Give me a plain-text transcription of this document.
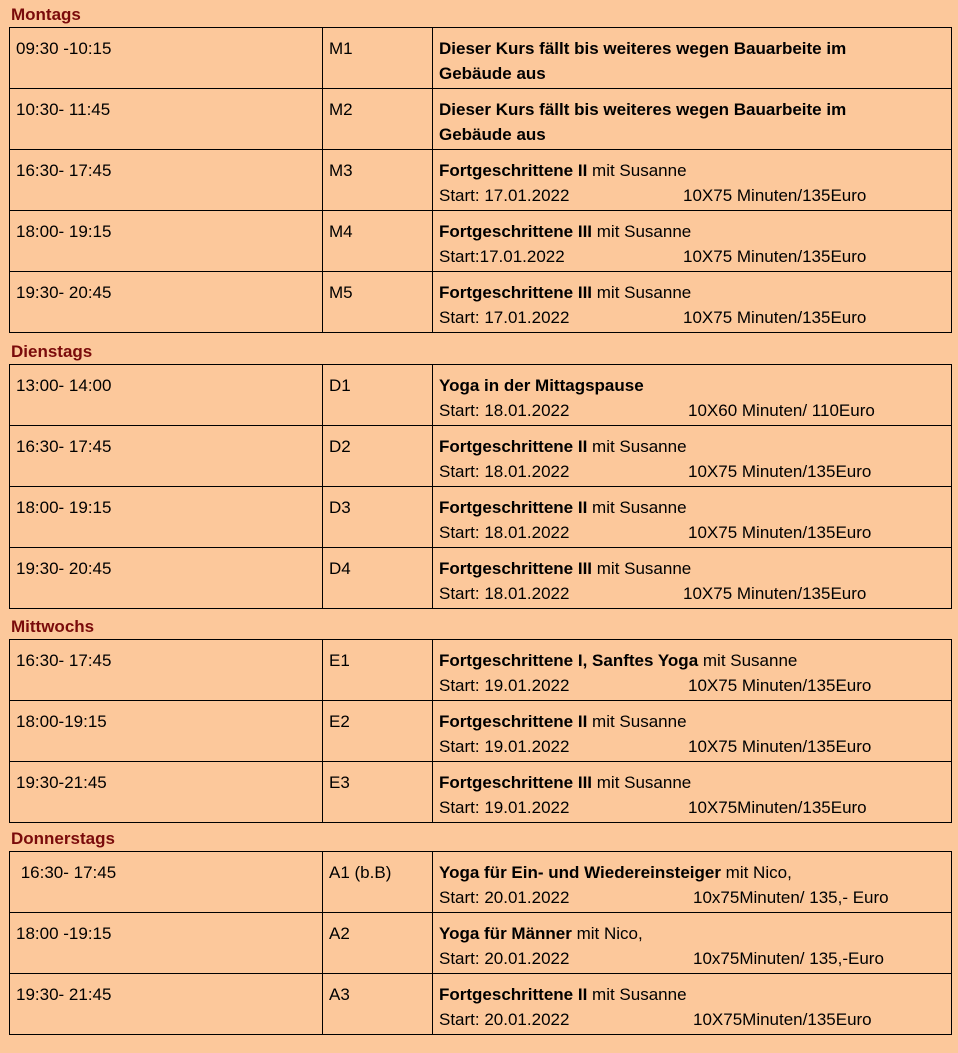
Montags
09:30 -10:15	M1	Dieser Kurs fällt bis weiteres wegen Bauarbeite im
Gebäude aus

10:30- 11:45	M2	Dieser Kurs fällt bis weiteres wegen Bauarbeite im
Gebäude aus

16:30- 17:45	M3	Fortgeschrittene II mit Susanne
Start: 17.01.2022 10X75 Minuten/135Euro

18:00- 19:15	M4	Fortgeschrittene III mit Susanne
Start:17.01.2022 10X75 Minuten/135Euro

19:30- 20:45	M5	Fortgeschrittene III mit Susanne
Start: 17.01.2022 10X75 Minuten/135Euro
Dienstags
13:00- 14:00	D1	Yoga in der Mittagspause
Start: 18.01.2022 10X60 Minuten/ 110Euro

16:30- 17:45	D2	Fortgeschrittene II mit Susanne
Start: 18.01.2022 10X75 Minuten/135Euro

18:00- 19:15	D3	Fortgeschrittene II mit Susanne
Start: 18.01.2022 10X75 Minuten/135Euro

19:30- 20:45	D4	Fortgeschrittene III mit Susanne
Start: 18.01.2022 10X75 Minuten/135Euro
Mittwochs
16:30- 17:45	E1	Fortgeschrittene I, Sanftes Yoga mit Susanne
Start: 19.01.2022 10X75 Minuten/135Euro

18:00-19:15	E2	Fortgeschrittene II mit Susanne
Start: 19.01.2022 10X75 Minuten/135Euro

19:30-21:45	E3	Fortgeschrittene III mit Susanne
Start: 19.01.2022 10X75Minuten/135Euro
Donnerstags
16:30- 17:45	A1 (b.B)	Yoga für Ein- und Wiedereinsteiger mit Nico,
Start: 20.01.2022 10x75Minuten/ 135,- Euro

18:00 -19:15	A2	Yoga für Männer mit Nico,
Start: 20.01.2022 10x75Minuten/ 135,-Euro

19:30- 21:45	A3	Fortgeschrittene II mit Susanne
Start: 20.01.2022 10X75Minuten/135Euro
